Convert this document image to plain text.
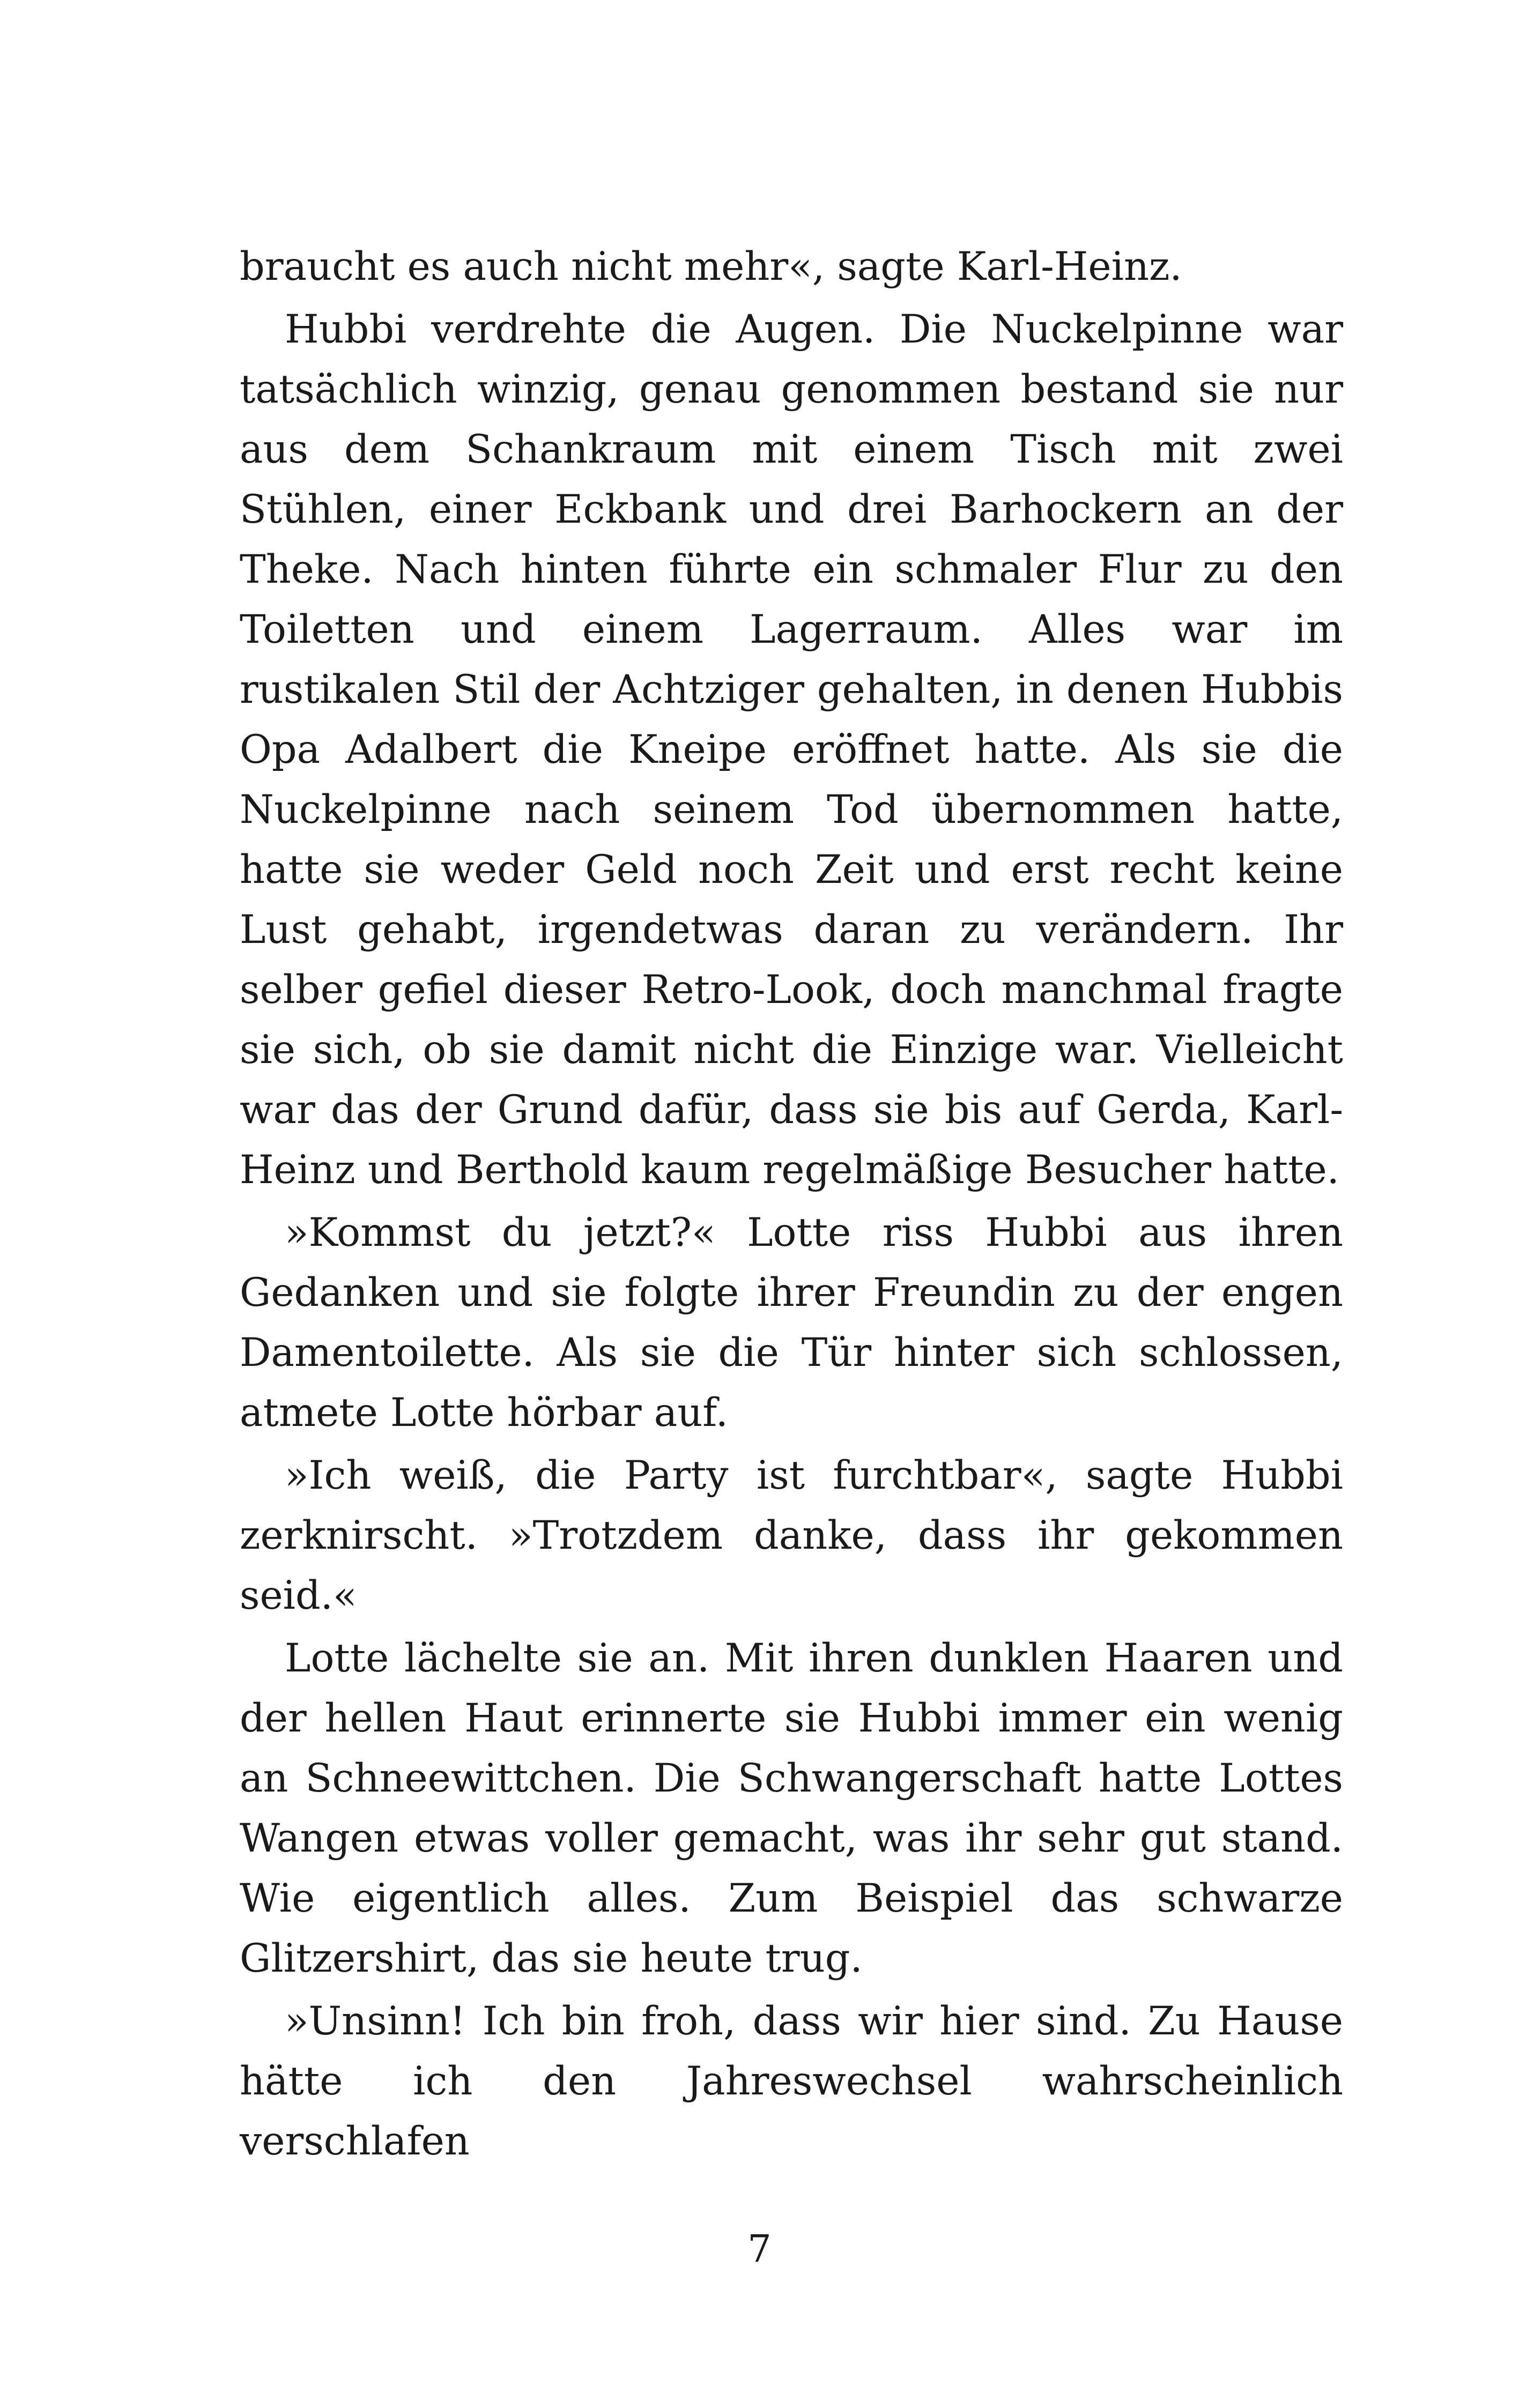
braucht es auch nicht mehr«, sagte Karl-Heinz.

Hubbi verdrehte die Augen. Die Nuckelpinne war tatsächlich winzig, genau genommen bestand sie nur aus dem Schankraum mit einem Tisch mit zwei Stühlen, einer Eckbank und drei Barhockern an der Theke. Nach hinten führte ein schmaler Flur zu den Toiletten und einem Lagerraum. Alles war im rustikalen Stil der Achtziger gehalten, in denen Hubbis Opa Adalbert die Kneipe eröffnet hatte. Als sie die Nuckelpinne nach seinem Tod übernommen hatte, hatte sie weder Geld noch Zeit und erst recht keine Lust gehabt, irgendetwas daran zu verändern. Ihr selber gefiel dieser Retro-Look, doch manchmal fragte sie sich, ob sie damit nicht die Einzige war. Vielleicht war das der Grund dafür, dass sie bis auf Gerda, Karl-Heinz und Berthold kaum regelmäßige Besucher hatte.

»Kommst du jetzt?« Lotte riss Hubbi aus ihren Gedanken und sie folgte ihrer Freundin zu der engen Damentoilette. Als sie die Tür hinter sich schlossen, atmete Lotte hörbar auf.

»Ich weiß, die Party ist furchtbar«, sagte Hubbi zerknirscht. »Trotzdem danke, dass ihr gekommen seid.«

Lotte lächelte sie an. Mit ihren dunklen Haaren und der hellen Haut erinnerte sie Hubbi immer ein wenig an Schneewittchen. Die Schwangerschaft hatte Lottes Wangen etwas voller gemacht, was ihr sehr gut stand. Wie eigentlich alles. Zum Beispiel das schwarze Glitzershirt, das sie heute trug.

»Unsinn! Ich bin froh, dass wir hier sind. Zu Hause hätte ich den Jahreswechsel wahrscheinlich verschlafen

7
